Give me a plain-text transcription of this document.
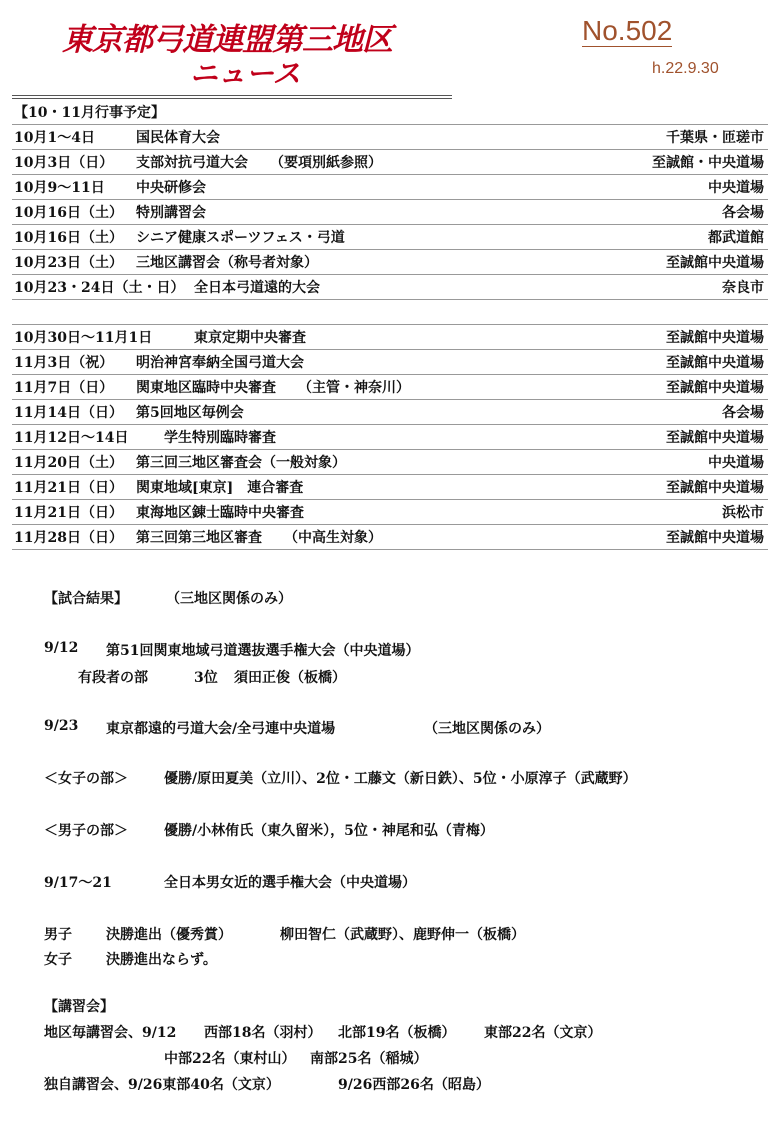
東京都弓道連盟第三地区
ニュース
No.502
h.22.9.30
【10・11月行事予定】
10月1～4日	国民体育大会	千葉県・匝瑳市
10月3日（日）	支部対抗弓道大会 （要項別紙参照）	至誠館・中央道場
10月9～11日	中央研修会	中央道場
10月16日（土） 特別講習会	各会場
10月16日（土） シニア健康スポーツフェス・弓道	都武道館
10月23日（土） 三地区講習会（称号者対象）	至誠館中央道場
10月23・24日（土・日） 全日本弓道遠的大会	奈良市
10月30日～11月1日	東京定期中央審査	至誠館中央道場
11月3日（祝）	明治神宮奉納全国弓道大会	至誠館中央道場
11月7日（日）	関東地区臨時中央審査 （主管・神奈川）	至誠館中央道場
11月14日（日） 第5回地区毎例会	各会場
11月12日～14日	学生特別臨時審査	至誠館中央道場
11月20日（土） 第三回三地区審査会（一般対象）	中央道場
11月21日（日） 関東地域[東京]　連合審査	至誠館中央道場
11月21日（日） 東海地区錬士臨時中央審査	浜松市
11月28日（日） 第三回第三地区審査 （中高生対象）	至誠館中央道場
【試合結果】	（三地区関係のみ）
9/12 第51回関東地域弓道選抜選手権大会（中央道場）
有段者の部	3位 須田正俊（板橋）
9/23 東京都遠的弓道大会/全弓連中央道場	（三地区関係のみ）
＜女子の部＞	優勝/原田夏美（立川）、2位・工藤文（新日鉄）、5位・小原淳子（武蔵野）
＜男子の部＞	優勝/小林侑氏（東久留米），5位・神尾和弘（青梅）
9/17～21	全日本男女近的選手権大会（中央道場）
男子 決勝進出（優秀賞）	柳田智仁（武蔵野）、鹿野伸一（板橋）
女子 決勝進出ならず。
【講習会】
地区毎講習会、9/12 西部18名（羽村） 北部19名（板橋） 東部22名（文京）
中部22名（東村山） 南部25名（稲城）
独自講習会、9/26東部40名（文京）	9/26西部26名（昭島）
